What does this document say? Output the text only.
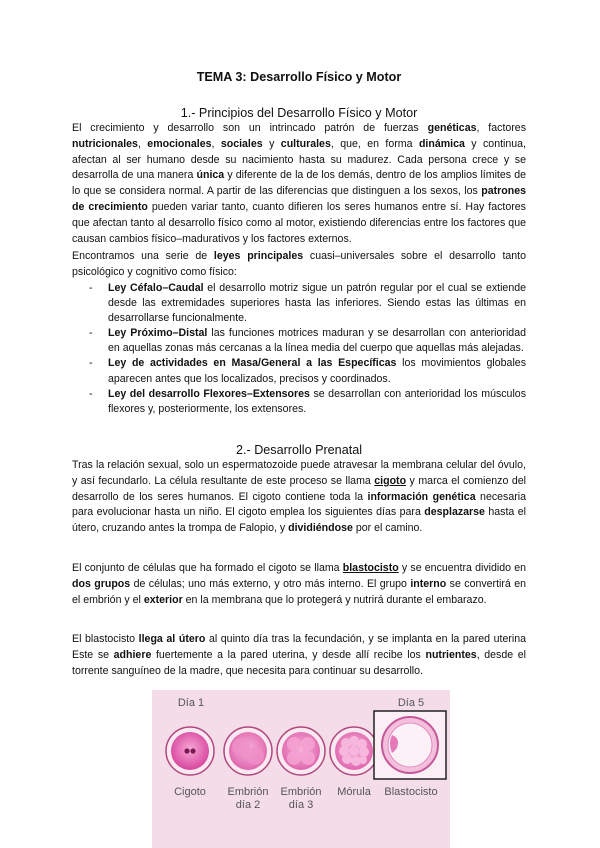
TEMA 3: Desarrollo Físico y Motor
1.- Principios del Desarrollo Físico y Motor

El crecimiento y desarrollo son un intrincado patrón de fuerzas genéticas, factores nutricionales, emocionales, sociales y culturales, que, en forma dinámica y continua, afectan al ser humano desde su nacimiento hasta su madurez. Cada persona crece y se desarrolla de una manera única y diferente de la de los demás, dentro de los amplios límites de lo que se considera normal. A partir de las diferencias que distinguen a los sexos, los patrones de crecimiento pueden variar tanto, cuanto difieren los seres humanos entre sí. Hay factores que afectan tanto al desarrollo físico como al motor, existiendo diferencias entre los factores que causan cambios físico–madurativos y los factores externos.

Encontramos una serie de leyes principales cuasi–universales sobre el desarrollo tanto psicológico y cognitivo como físico:

- Ley Céfalo–Caudal el desarrollo motriz sigue un patrón regular por el cual se extiende desde las extremidades superiores hasta las inferiores. Siendo estas las últimas en desarrollarse funcionalmente.
- Ley Próximo–Distal las funciones motrices maduran y se desarrollan con anterioridad en aquellas zonas más cercanas a la línea media del cuerpo que aquellas más alejadas.
- Ley de actividades en Masa/General a las Específicas los movimientos globales aparecen antes que los localizados, precisos y coordinados.
- Ley del desarrollo Flexores–Extensores se desarrollan con anterioridad los músculos flexores y, posteriormente, los extensores.
2.- Desarrollo Prenatal

Tras la relación sexual, solo un espermatozoide puede atravesar la membrana celular del óvulo, y así fecundarlo. La célula resultante de este proceso se llama cigoto y marca el comienzo del desarrollo de los seres humanos. El cigoto contiene toda la información genética necesaria para evolucionar hasta un niño. El cigoto emplea los siguientes días para desplazarse hasta el útero, cruzando antes la trompa de Falopio, y dividiéndose por el camino.

El conjunto de células que ha formado el cigoto se llama blastocisto y se encuentra dividido en dos grupos de células; uno más externo, y otro más interno. El grupo interno se convertirá en el embrión y el exterior en la membrana que lo protegerá y nutrirá durante el embarazo.

El blastocisto llega al útero al quinto día tras la fecundación, y se implanta en la pared uterina Este se adhiere fuertemente a la pared uterina, y desde allí recibe los nutrientes, desde el torrente sanguíneo de la madre, que necesita para continuar su desarrollo.

Día 1	Día 5
Cigoto	Embrión
día 2
Embrión
día 3
Mórula	Blastocisto
